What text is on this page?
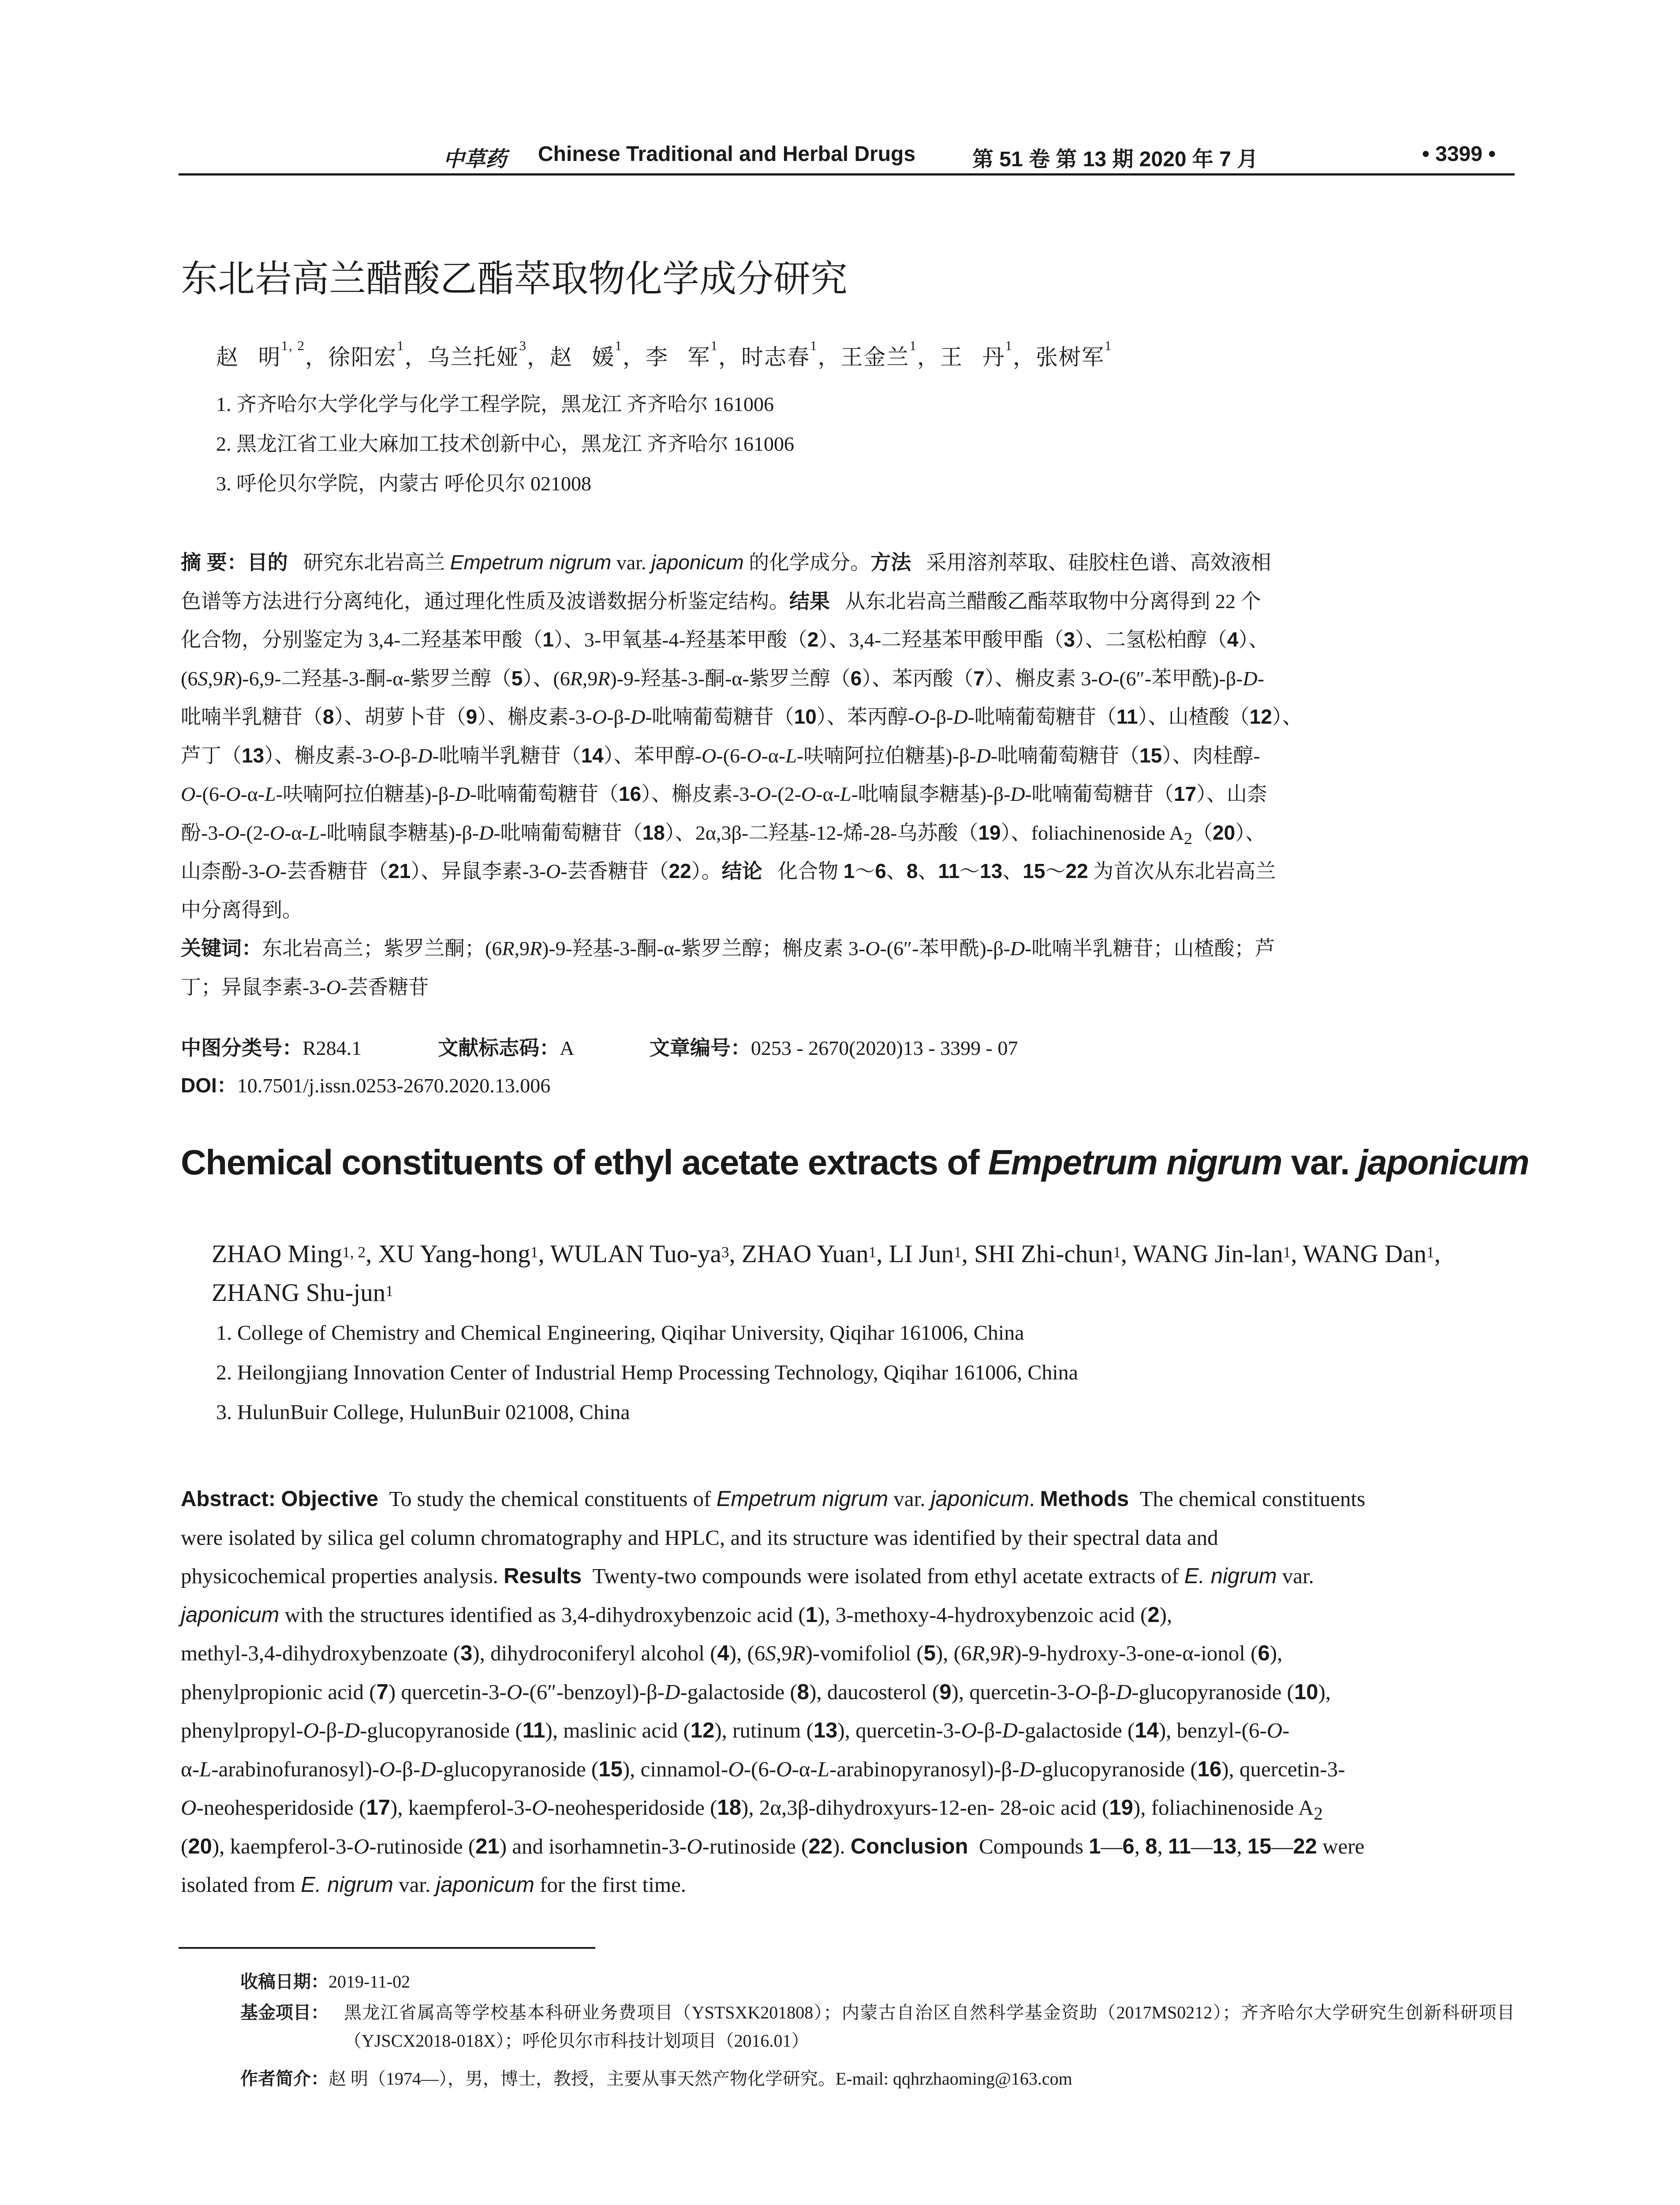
中草药 Chinese Traditional and Herbal Drugs	第 51 卷 第 13 期 2020 年 7 月	• 3399 •
东北岩高兰醋酸乙酯萃取物化学成分研究
赵   明$^{1, 2}$，徐阳宏$^1$，乌兰托娅$^3$，赵   媛$^1$，李   军$^1$，时志春$^1$，王金兰$^1$，王   丹$^1$，张树军$^1$
1. 齐齐哈尔大学化学与化学工程学院，黑龙江 齐齐哈尔 161006
2. 黑龙江省工业大麻加工技术创新中心，黑龙江 齐齐哈尔 161006
3. 呼伦贝尔学院，内蒙古 呼伦贝尔 021008
摘 要：目的   研究东北岩高兰 Empetrum nigrum var. japonicum 的化学成分。方法   采用溶剂萃取、硅胶柱色谱、高效液相
色谱等方法进行分离纯化，通过理化性质及波谱数据分析鉴定结构。结果   从东北岩高兰醋酸乙酯萃取物中分离得到 22 个
化合物，分别鉴定为 3,4-二羟基苯甲酸（1）、3-甲氧基-4-羟基苯甲酸（2）、3,4-二羟基苯甲酸甲酯（3）、二氢松柏醇（4）、
(6S,9R)-6,9-二羟基-3-酮-α-紫罗兰醇（5）、(6R,9R)-9-羟基-3-酮-α-紫罗兰醇（6）、苯丙酸（7）、槲皮素 3-O-(6″-苯甲酰)-β-D-
吡喃半乳糖苷（8）、胡萝卜苷（9）、槲皮素-3-O-β-D-吡喃葡萄糖苷（10）、苯丙醇-O-β-D-吡喃葡萄糖苷（11）、山楂酸（12）、
芦丁（13）、槲皮素-3-O-β-D-吡喃半乳糖苷（14）、苯甲醇-O-(6-O-α-L-呋喃阿拉伯糖基)-β-D-吡喃葡萄糖苷（15）、肉桂醇-
O-(6-O-α-L-呋喃阿拉伯糖基)-β-D-吡喃葡萄糖苷（16）、槲皮素-3-O-(2-O-α-L-吡喃鼠李糖基)-β-D-吡喃葡萄糖苷（17）、山柰
酚-3-O-(2-O-α-L-吡喃鼠李糖基)-β-D-吡喃葡萄糖苷（18）、2α,3β-二羟基-12-烯-28-乌苏酸（19）、foliachinenoside $A_2(20)$、
山柰酚-3-O-芸香糖苷（21）、异鼠李素-3-O-芸香糖苷（22）。结论   化合物 1～6、8、11～13、15～22 为首次从东北岩高兰
中分离得到。
关键词：东北岩高兰；紫罗兰酮；(6R,9R)-9-羟基-3-酮-α-紫罗兰醇；槲皮素 3-O-(6″-苯甲酰)-β-D-吡喃半乳糖苷；山楂酸；芦
丁；异鼠李素-3-O-芸香糖苷
中图分类号：R284.1	文献标志码：A	文章编号：0253 - 2670(2020)13 - 3399 - 07
DOI：10.7501/j.issn.0253-2670.2020.13.006
Chemical constituents of ethyl acetate extracts of Empetrum nigrum var. japonicum
ZHAO Ming$^{1, 2}$, XU Yang-hong$^1$, WULAN Tuo-$ya^3$, ZHAO Yuan$^1$, LI Jun$^1$, SHI Zhi-chun$^1$, WANG Jin-lan$^1$, WANG Dan$^1$, ZHANG Shu-jun$^1$
1. College of Chemistry and Chemical Engineering, Qiqihar University, Qiqihar 161006, China
2. Heilongjiang Innovation Center of Industrial Hemp Processing Technology, Qiqihar 161006, China
3. HulunBuir College, HulunBuir 021008, China
Abstract: Objective  To study the chemical constituents of Empetrum nigrum var. japonicum. Methods  The chemical constituents
were isolated by silica gel column chromatography and HPLC, and its structure was identified by their spectral data and
physicochemical properties analysis. Results  Twenty-two compounds were isolated from ethyl acetate extracts of E. nigrum var.
japonicum with the structures identified as 3,4-dihydroxybenzoic acid (1), 3-methoxy-4-hydroxybenzoic acid (2),
methyl-3,4-dihydroxybenzoate (3), dihydroconiferyl alcohol (4), (6S,9R)-vomifoliol (5), (6R,9R)-9-hydroxy-3-one-α-ionol (6),
phenylpropionic acid (7) quercetin-3-O-(6″-benzoyl)-β-D-galactoside (8), daucosterol (9), quercetin-3-O-β-D-glucopyranoside (10),
phenylpropyl-O-β-D-glucopyranoside (11), maslinic acid (12), rutinum (13), quercetin-3-O-β-D-galactoside (14), benzyl-(6-O-
α-L-arabinofuranosyl)-O-β-D-glucopyranoside (15), cinnamol-O-(6-O-α-L-arabinopyranosyl)-β-D-glucopyranoside (16), quercetin-3-
O-neohesperidoside (17), kaempferol-3-O-neohesperidoside (18), 2α,3β-dihydroxyurs-12-en- 28-oic acid (19), foliachinenoside $A_2$
(20), kaempferol-3-O-rutinoside (21) and isorhamnetin-3-O-rutinoside (22). Conclusion  Compounds 1—6, 8, 11—13, 15—22 were
isolated from E. nigrum var. japonicum for the first time.
收稿日期：2019-11-02
基金项目： 黑龙江省属高等学校基本科研业务费项目（YSTSXK201808）；内蒙古自治区自然科学基金资助（2017MS0212）；齐齐哈尔大学研究生创新科研项目（YJSCX2018-018X）；呼伦贝尔市科技计划项目（2016.01）
作者简介：赵 明（1974—），男，博士，教授，主要从事天然产物化学研究。E-mail: qqhrzhaoming@163.com
